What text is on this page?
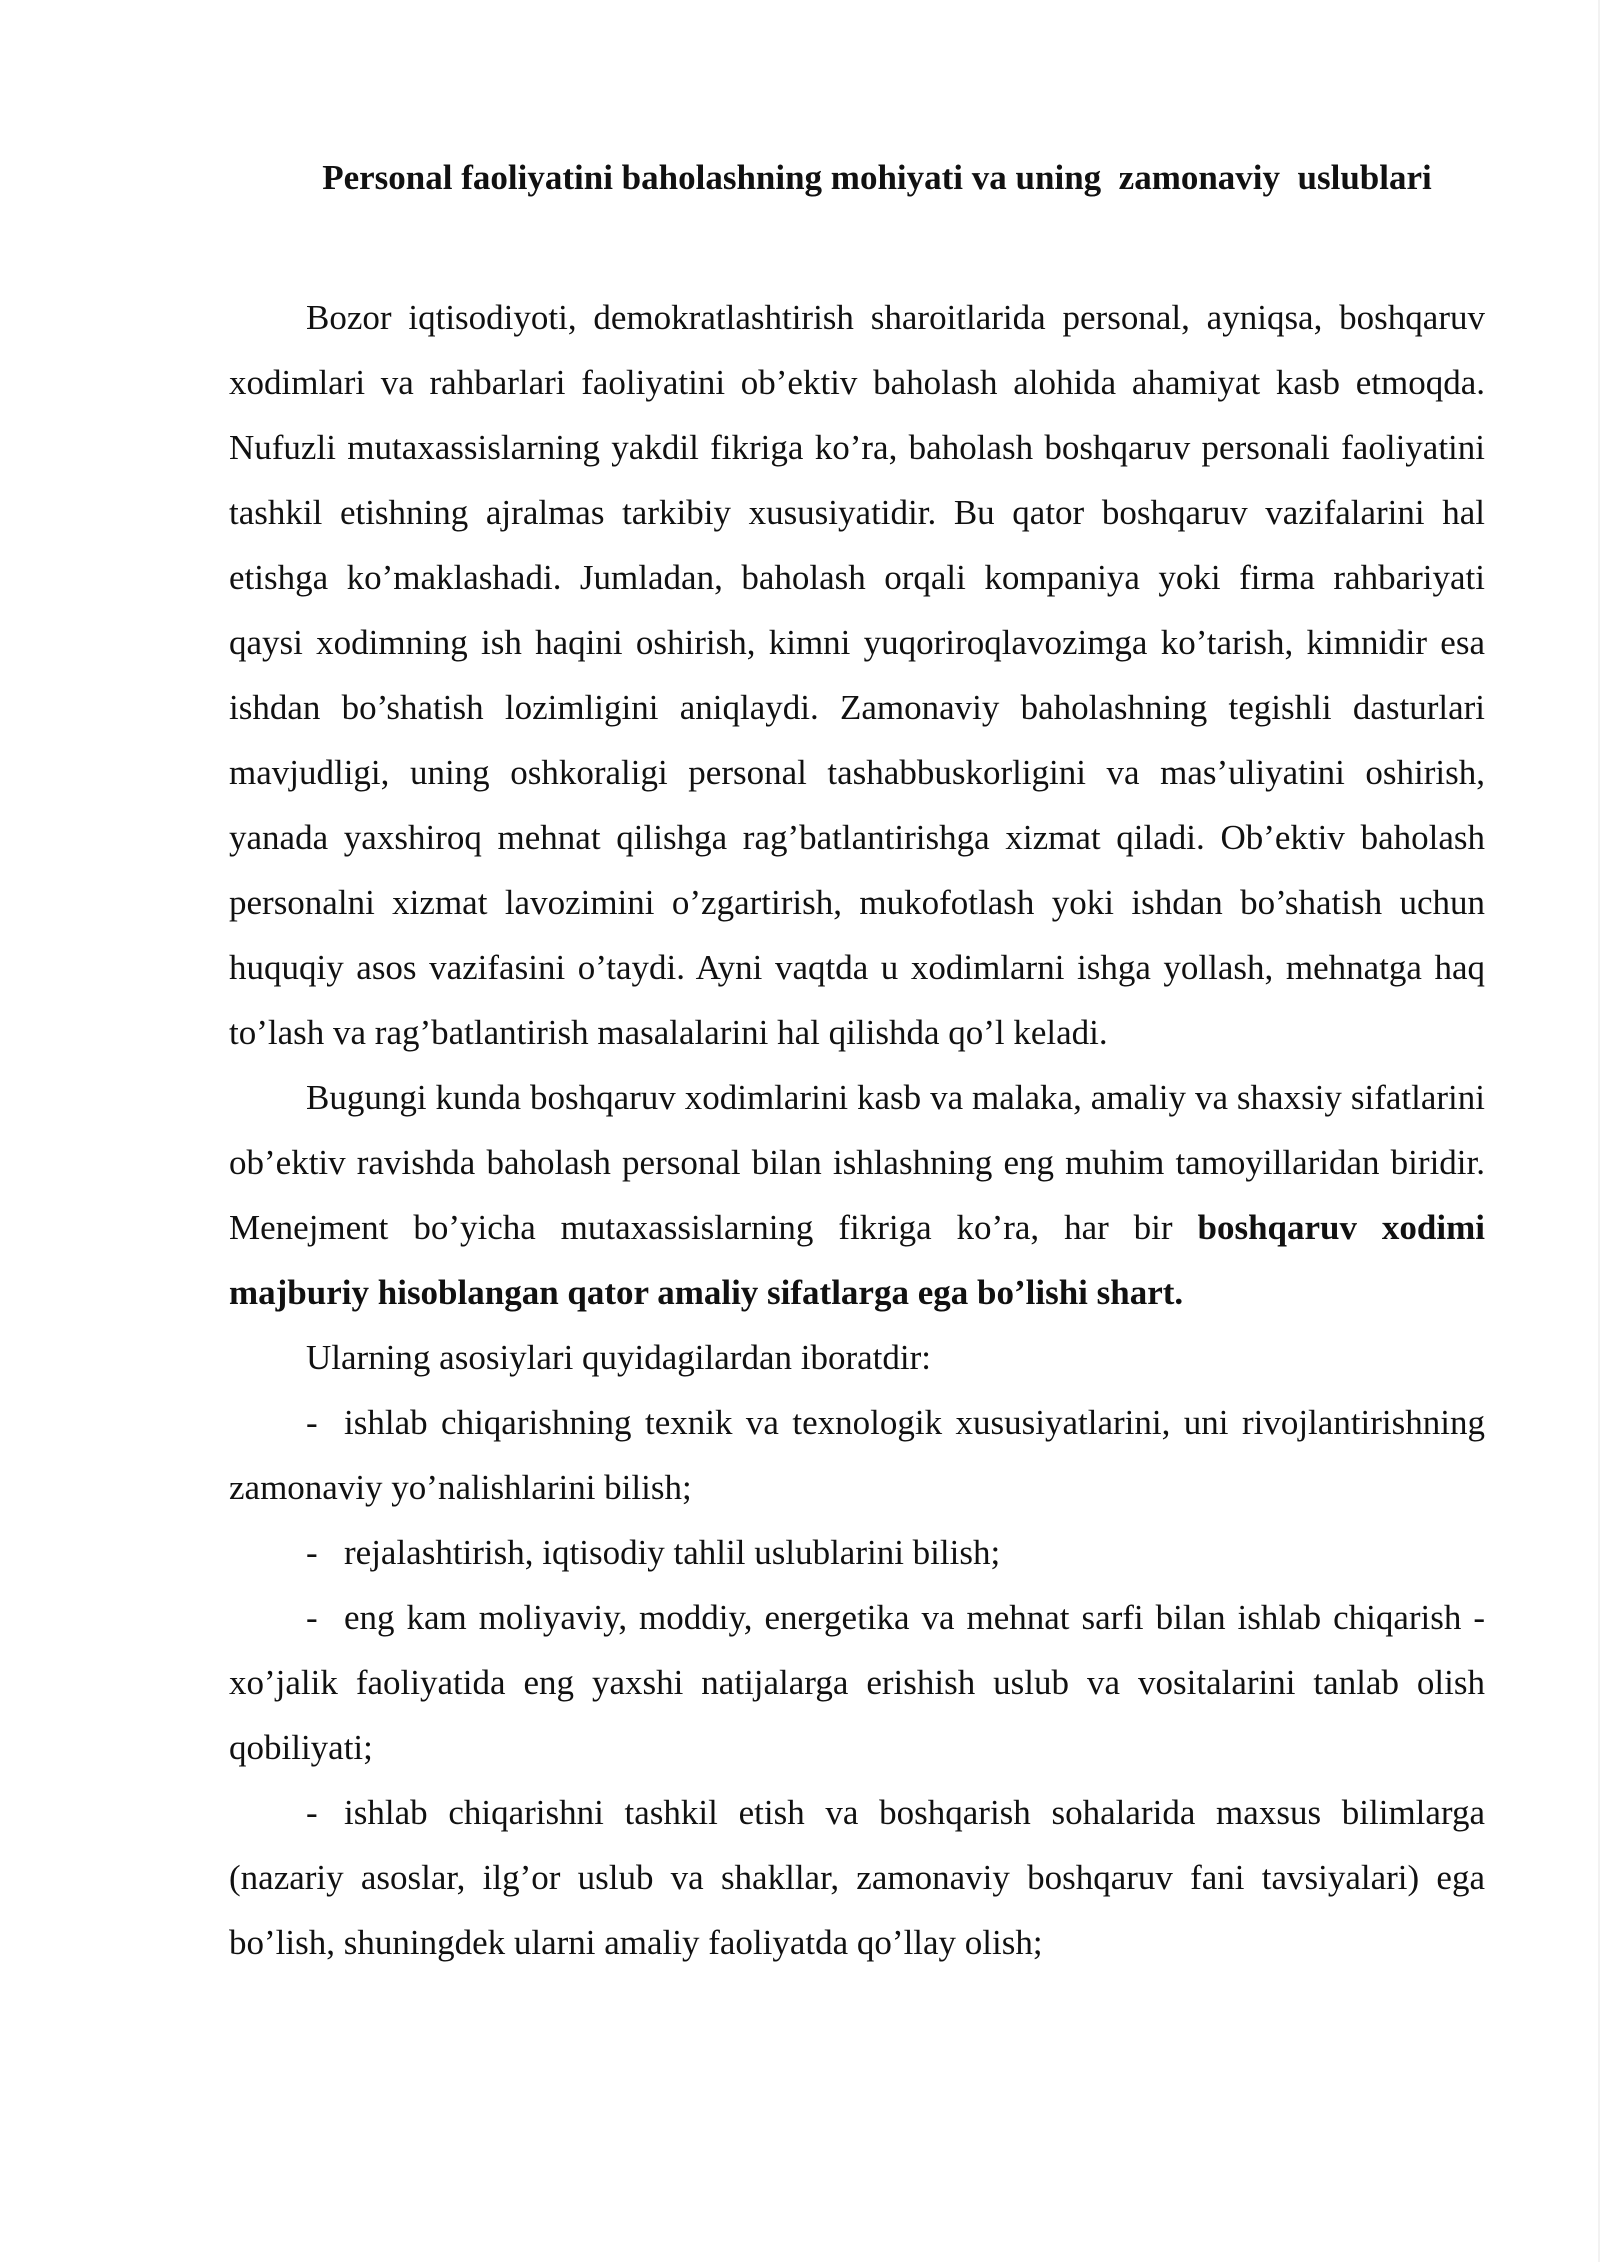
Personal faoliyatini baholashning mohiyati va uning  zamonaviy  uslublari

Bozor iqtisodiyoti, demokratlashtirish sharoitlarida personal, ayniqsa, boshqaruv xodimlari va rahbarlari faoliyatini ob’ektiv baholash alohida ahamiyat kasb etmoqda. Nufuzli mutaxassislarning yakdil fikriga ko’ra, baholash boshqaruv personali faoliyatini tashkil etishning ajralmas tarkibiy xususiyatidir. Bu qator boshqaruv vazifalarini hal etishga ko’maklashadi. Jumladan, baholash orqali kompaniya yoki firma rahbariyati qaysi xodimning ish haqini oshirish, kimni yuqoriroqlavozimga ko’tarish, kimnidir esa ishdan bo’shatish lozimligini aniqlaydi. Zamonaviy baholashning tegishli dasturlari mavjudligi, uning oshkoraligi personal tashabbuskorligini va mas’uliyatini oshirish, yanada yaxshiroq mehnat qilishga rag’batlantirishga xizmat qiladi. Ob’ektiv baholash personalni xizmat lavozimini o’zgartirish, mukofotlash yoki ishdan bo’shatish uchun huquqiy asos vazifasini o’taydi. Ayni vaqtda u xodimlarni ishga yollash, mehnatga haq to’lash va rag’batlantirish masalalarini hal qilishda qo’l keladi.

Bugungi kunda boshqaruv xodimlarini kasb va malaka, amaliy va shaxsiy sifatlarini ob’ektiv ravishda baholash personal bilan ishlashning eng muhim tamoyillaridan biridir. Menejment bo’yicha mutaxassislarning fikriga ko’ra, har bir boshqaruv xodimi majburiy hisoblangan qator amaliy sifatlarga ega bo’lishi shart.

Ularning asosiylari quyidagilardan iboratdir:

- ishlab chiqarishning texnik va texnologik xususiyatlarini, uni rivojlantirishning zamonaviy yo’nalishlarini bilish;

- rejalashtirish, iqtisodiy tahlil uslublarini bilish;

- eng kam moliyaviy, moddiy, energetika va mehnat sarfi bilan ishlab chiqarish - xo’jalik faoliyatida eng yaxshi natijalarga erishish uslub va vositalarini tanlab olish qobiliyati;

- ishlab chiqarishni tashkil etish va boshqarish sohalarida maxsus bilimlarga (nazariy asoslar, ilg’or uslub va shakllar, zamonaviy boshqaruv fani tavsiyalari) ega bo’lish, shuningdek ularni amaliy faoliyatda qo’llay olish;
